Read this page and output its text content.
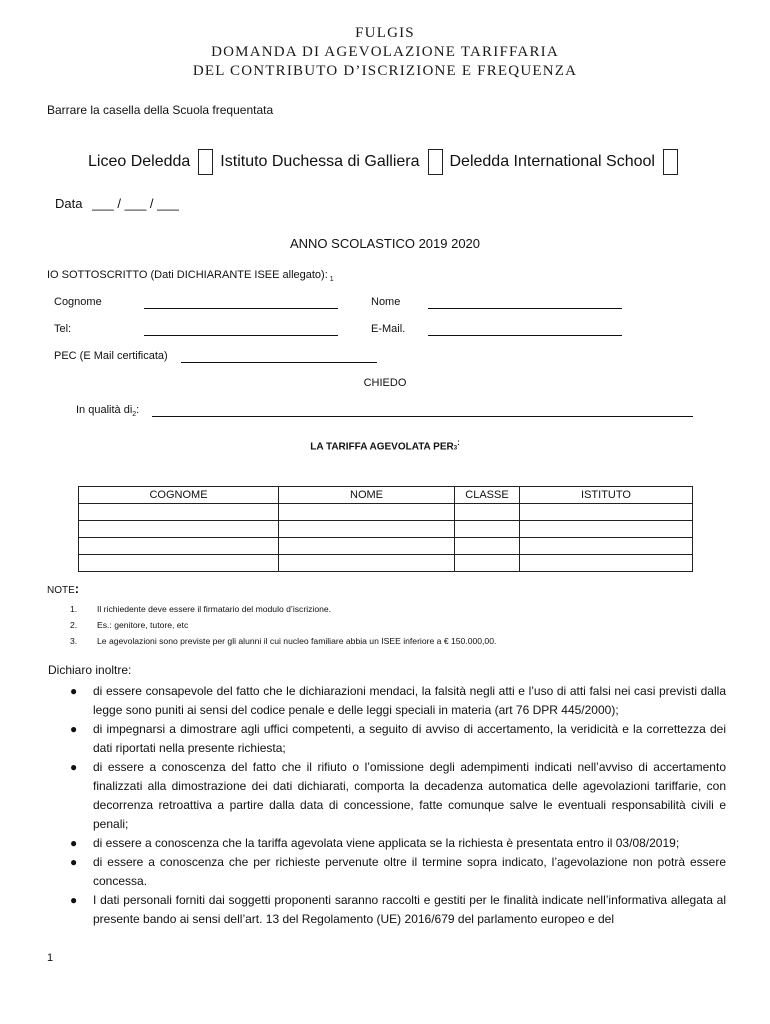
FULGIS
DOMANDA DI AGEVOLAZIONE TARIFFARIA
DEL CONTRIBUTO D’ISCRIZIONE E FREQUENZA
Barrare la casella della Scuola frequentata
Liceo Deledda Istituto Duchessa di Galliera Deledda International School
Data ___ / ___ / ___
ANNO SCOLASTICO 2019 2020
IO SOTTOSCRITTO (Dati DICHIARANTE ISEE allegato): $_1$
Cognome	Nome
Tel:	E-Mail.
PEC (E Mail certificata)
CHIEDO
In qualità $di_2$:
LA TARIFFA AGEVOLATA PER3:
COGNOME	NOME	CLASSE	ISTITUTO

NOTE:
1. Il richiedente deve essere il firmatario del modulo d’iscrizione.
2. Es.: genitore, tutore, etc
3. Le agevolazioni sono previste per gli alunni il cui nucleo familiare abbia un ISEE inferiore a € 150.000,00.
Dichiaro inoltre:
● di essere consapevole del fatto che le dichiarazioni mendaci, la falsità negli atti e l’uso di atti falsi nei casi previsti dalla legge sono puniti ai sensi del codice penale e delle leggi speciali in materia (art 76 DPR 445/2000);
● di impegnarsi a dimostrare agli uffici competenti, a seguito di avviso di accertamento, la veridicità e la correttezza dei dati riportati nella presente richiesta;
● di essere a conoscenza del fatto che il rifiuto o l’omissione degli adempimenti indicati nell’avviso di accertamento finalizzati alla dimostrazione dei dati dichiarati, comporta la decadenza automatica delle agevolazioni tariffarie, con decorrenza retroattiva a partire dalla data di concessione, fatte comunque salve le eventuali responsabilità civili e penali;
● di essere a conoscenza che la tariffa agevolata viene applicata se la richiesta è presentata entro il 03/08/2019;
● di essere a conoscenza che per richieste pervenute oltre il termine sopra indicato, l’agevolazione non potrà essere concessa.
● I dati personali forniti dai soggetti proponenti saranno raccolti e gestiti per le finalità indicate nell’informativa allegata al presente bando ai sensi dell’art. 13 del Regolamento (UE) 2016/679 del parlamento europeo e del
1
